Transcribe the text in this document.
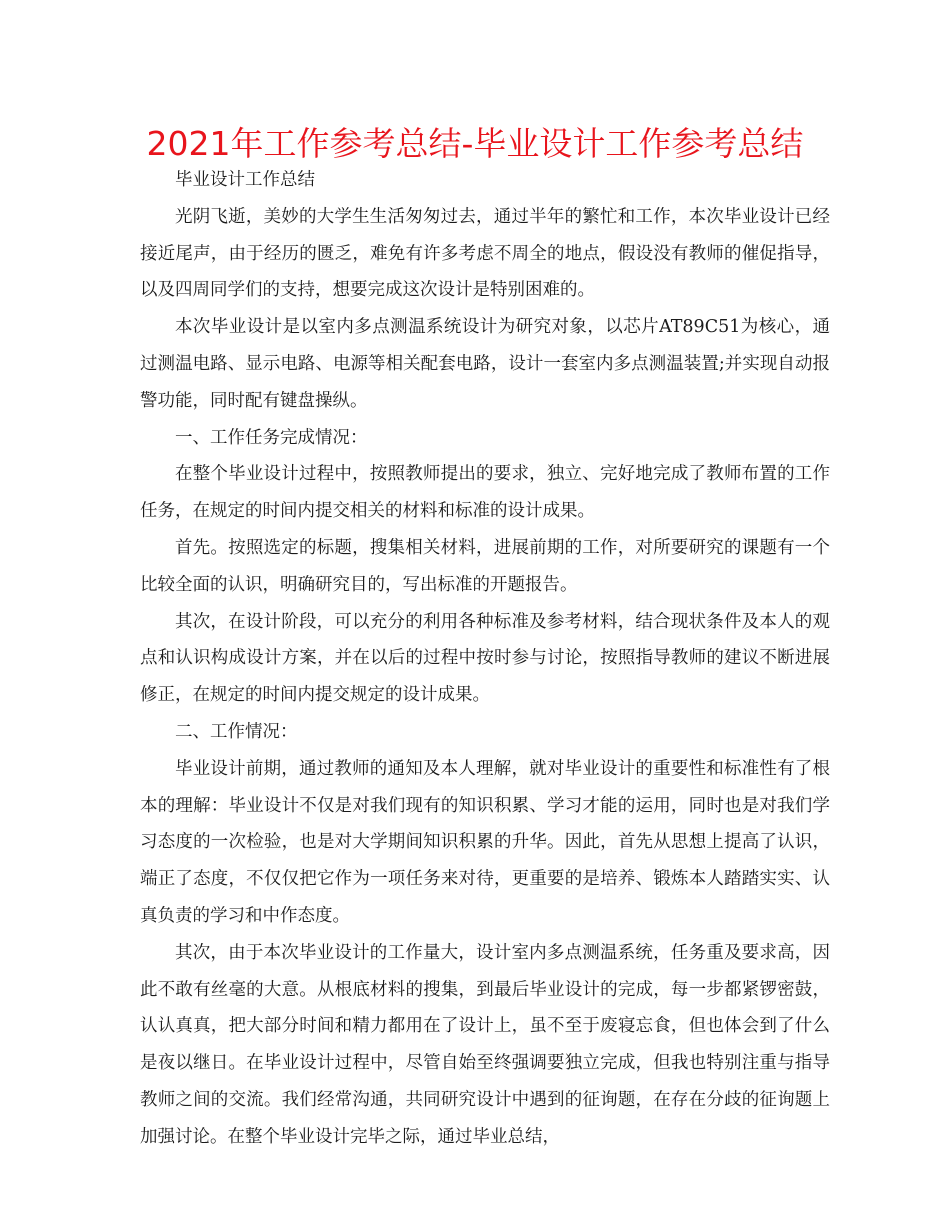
2021年工作参考总结-毕业设计工作参考总结

毕业设计工作总结

光阴飞逝，美妙的大学生生活匆匆过去，通过半年的繁忙和工作，本次毕业设计已经接近尾声，由于经历的匮乏，难免有许多考虑不周全的地点，假设没有教师的催促指导，以及四周同学们的支持，想要完成这次设计是特别困难的。

本次毕业设计是以室内多点测温系统设计为研究对象，以芯片AT89C51为核心，通过测温电路、显示电路、电源等相关配套电路，设计一套室内多点测温装置;并实现自动报警功能，同时配有键盘操纵。

一、工作任务完成情况：

在整个毕业设计过程中，按照教师提出的要求，独立、完好地完成了教师布置的工作任务，在规定的时间内提交相关的材料和标准的设计成果。

首先。按照选定的标题，搜集相关材料，进展前期的工作，对所要研究的课题有一个比较全面的认识，明确研究目的，写出标准的开题报告。

其次，在设计阶段，可以充分的利用各种标准及参考材料，结合现状条件及本人的观点和认识构成设计方案，并在以后的过程中按时参与讨论，按照指导教师的建议不断进展修正，在规定的时间内提交规定的设计成果。

二、工作情况：

毕业设计前期，通过教师的通知及本人理解，就对毕业设计的重要性和标准性有了根本的理解：毕业设计不仅是对我们现有的知识积累、学习才能的运用，同时也是对我们学习态度的一次检验，也是对大学期间知识积累的升华。因此，首先从思想上提高了认识，端正了态度，不仅仅把它作为一项任务来对待，更重要的是培养、锻炼本人踏踏实实、认真负责的学习和中作态度。

其次，由于本次毕业设计的工作量大，设计室内多点测温系统，任务重及要求高，因此不敢有丝毫的大意。从根底材料的搜集，到最后毕业设计的完成，每一步都紧锣密鼓，认认真真，把大部分时间和精力都用在了设计上，虽不至于废寝忘食，但也体会到了什么是夜以继日。在毕业设计过程中，尽管自始至终强调要独立完成，但我也特别注重与指导教师之间的交流。我们经常沟通，共同研究设计中遇到的征询题，在存在分歧的征询题上加强讨论。在整个毕业设计完毕之际，通过毕业总结，
